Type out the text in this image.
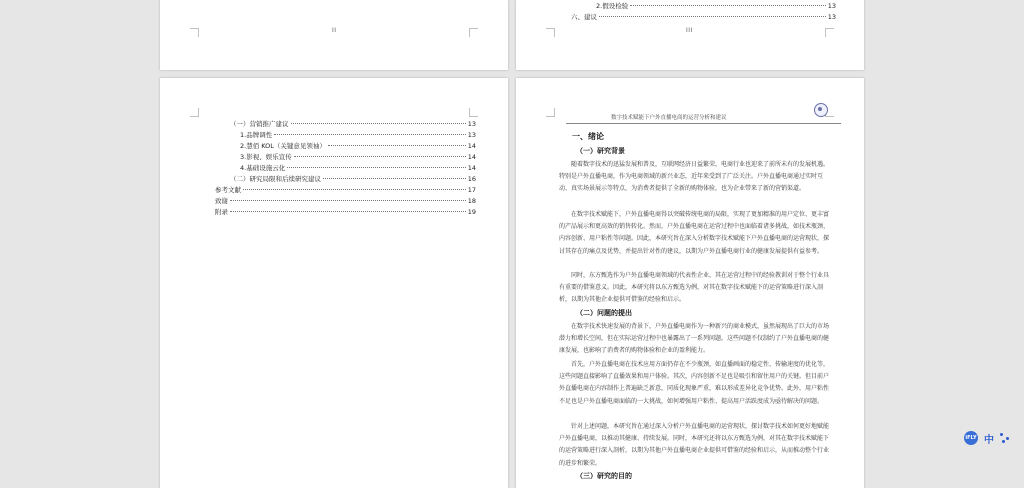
II
2.假设检验	13
六、建议	13
III
（一）营销推广建议	13
1.品牌调性	13
2.慧佰 KOL（关键意见领袖）	14
3.影视、娱乐宣传	14
4.基础设施云化	14
（二）研究局限和后续研究建议	16
参考文献	17
致谢	18
附录	19
数字技术赋能下户外直播电商的运营分析和建议
一、绪论
（一）研究背景

随着数字技术的迅猛发展和普及，互联网经济日益繁荣，电商行业也迎来了前所未有的发展机遇。特别是户外直播电商，作为电商领域的新兴业态，近年来受到了广泛关注。户外直播电商通过实时互动、真实场景展示等特点，为消费者提供了全新的购物体验，也为企业带来了新的营销渠道。

在数字技术赋能下，户外直播电商得以突破传统电商的局限，实现了更加精准的用户定位、更丰富的产品展示和更高效的销售转化。然而，户外直播电商在运营过程中也面临着诸多挑战，如技术瓶颈、内容创新、用户粘性等问题。因此，本研究旨在深入分析数字技术赋能下户外直播电商的运营现状，探讨其存在的痛点及优势，并提出针对性的建议，以期为户外直播电商行业的健康发展提供有益参考。

同时，东方甄选作为户外直播电商领域的代表性企业，其在运营过程中的经验教训对于整个行业具有重要的借鉴意义。因此，本研究将以东方甄选为例，对其在数字技术赋能下的运营策略进行深入剖析，以期为其他企业提供可借鉴的经验和启示。

（二）问题的提出

在数字技术快速发展的背景下，户外直播电商作为一种新兴的商业模式，虽然展现出了巨大的市场潜力和增长空间，但在实际运营过程中也暴露出了一系列问题。这些问题不仅制约了户外直播电商的健康发展，也影响了消费者的购物体验和企业的盈利能力。

首先，户外直播电商在技术应用方面仍存在不少瓶颈，如直播画面的稳定性、传输速度的优化等，这些问题直接影响了直播效果和用户体验。其次，内容创新不足也是吸引和留住用户的关键。但目前户外直播电商在内容制作上普遍缺乏新意，同质化现象严重，难以形成差异化竞争优势。此外，用户粘性不足也是户外直播电商面临的一大挑战，如何增强用户粘性、提高用户活跃度成为亟待解决的问题。

针对上述问题，本研究旨在通过深入分析户外直播电商的运营现状，探讨数字技术如何更好地赋能户外直播电商，以推动其健康、持续发展。同时，本研究还将以东方甄选为例，对其在数字技术赋能下的运营策略进行深入剖析，以期为其他户外直播电商企业提供可借鉴的经验和启示，从而推动整个行业的进步和繁荣。

（三）研究的目的
iFLY 中
